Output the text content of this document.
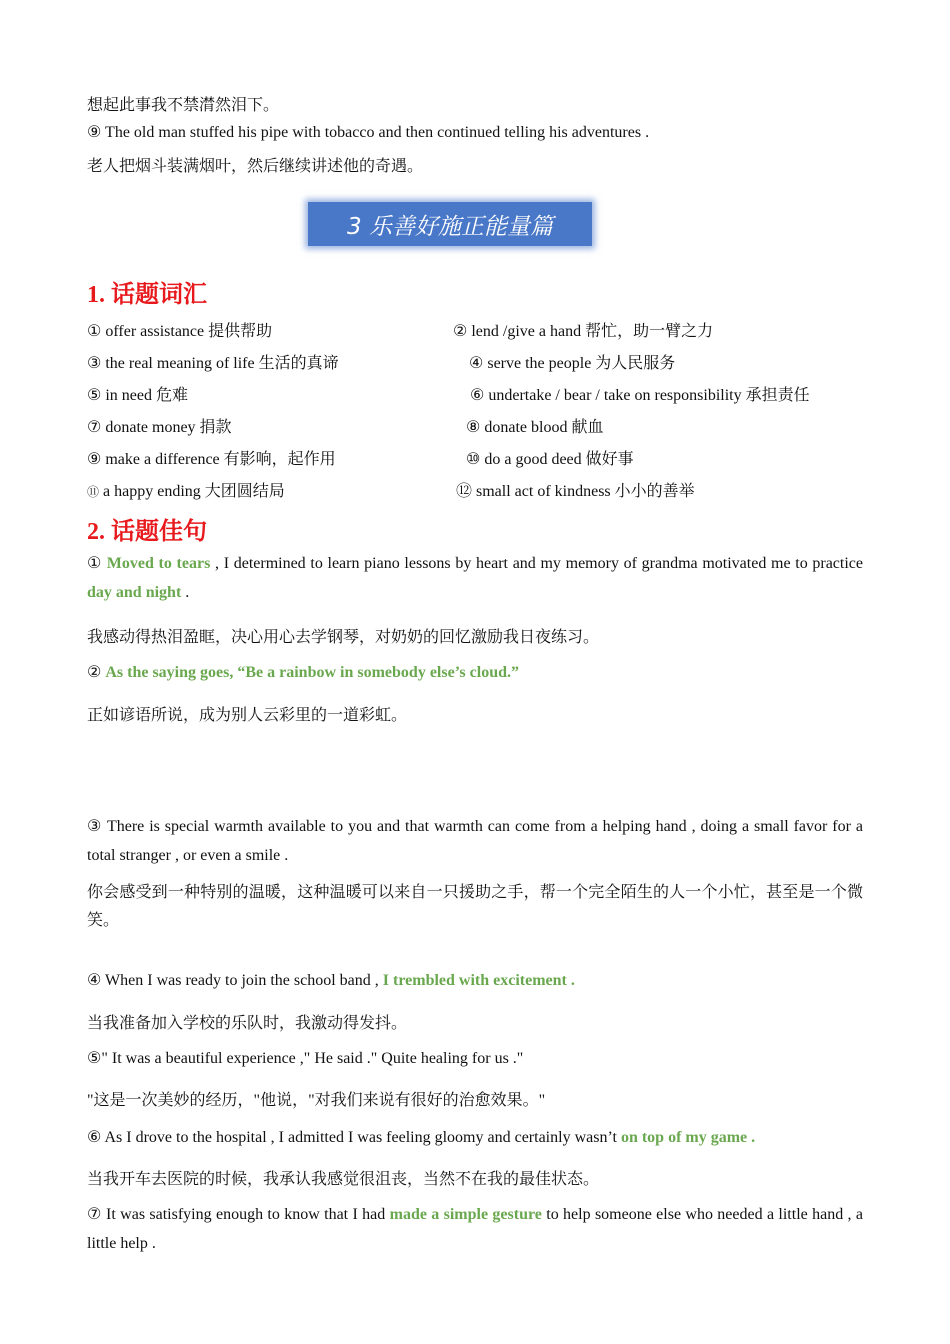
想起此事我不禁潸然泪下。
⑨ The old man stuffed his pipe with tobacco and then continued telling his adventures .
老人把烟斗装满烟叶，然后继续讲述他的奇遇。
3 乐善好施正能量篇
1. 话题词汇
① offer assistance 提供帮助	② lend /give a hand 帮忙，助一臂之力
③ the real meaning of life 生活的真谛	④ serve the people 为人民服务
⑤ in need 危难	⑥ undertake / bear / take on responsibility 承担责任
⑦ donate money 捐款	⑧ donate blood 献血
⑨ make a difference 有影响，起作用	⑩ do a good deed 做好事
⑪ a happy ending 大团圆结局	⑫ small act of kindness 小小的善举
2. 话题佳句
① Moved to tears , I determined to learn piano lessons by heart and my memory of grandma motivated me to practice day and night .
我感动得热泪盈眶，决心用心去学钢琴，对奶奶的回忆激励我日夜练习。
② As the saying goes, “Be a rainbow in somebody else’s cloud.”
正如谚语所说，成为别人云彩里的一道彩虹。
③ There is special warmth available to you and that warmth can come from a helping hand , doing a small favor for a total stranger , or even a smile .
你会感受到一种特别的温暖，这种温暖可以来自一只援助之手，帮一个完全陌生的人一个小忙，甚至是一个微笑。
④ When I was ready to join the school band , I trembled with excitement .
当我准备加入学校的乐队时，我激动得发抖。
⑤" It was a beautiful experience ," He said ." Quite healing for us ."
"这是一次美妙的经历，"他说，"对我们来说有很好的治愈效果。"
⑥ As I drove to the hospital , I admitted I was feeling gloomy and certainly wasn’t on top of my game .
当我开车去医院的时候，我承认我感觉很沮丧，当然不在我的最佳状态。
⑦ It was satisfying enough to know that I had made a simple gesture to help someone else who needed a little hand , a little help .
